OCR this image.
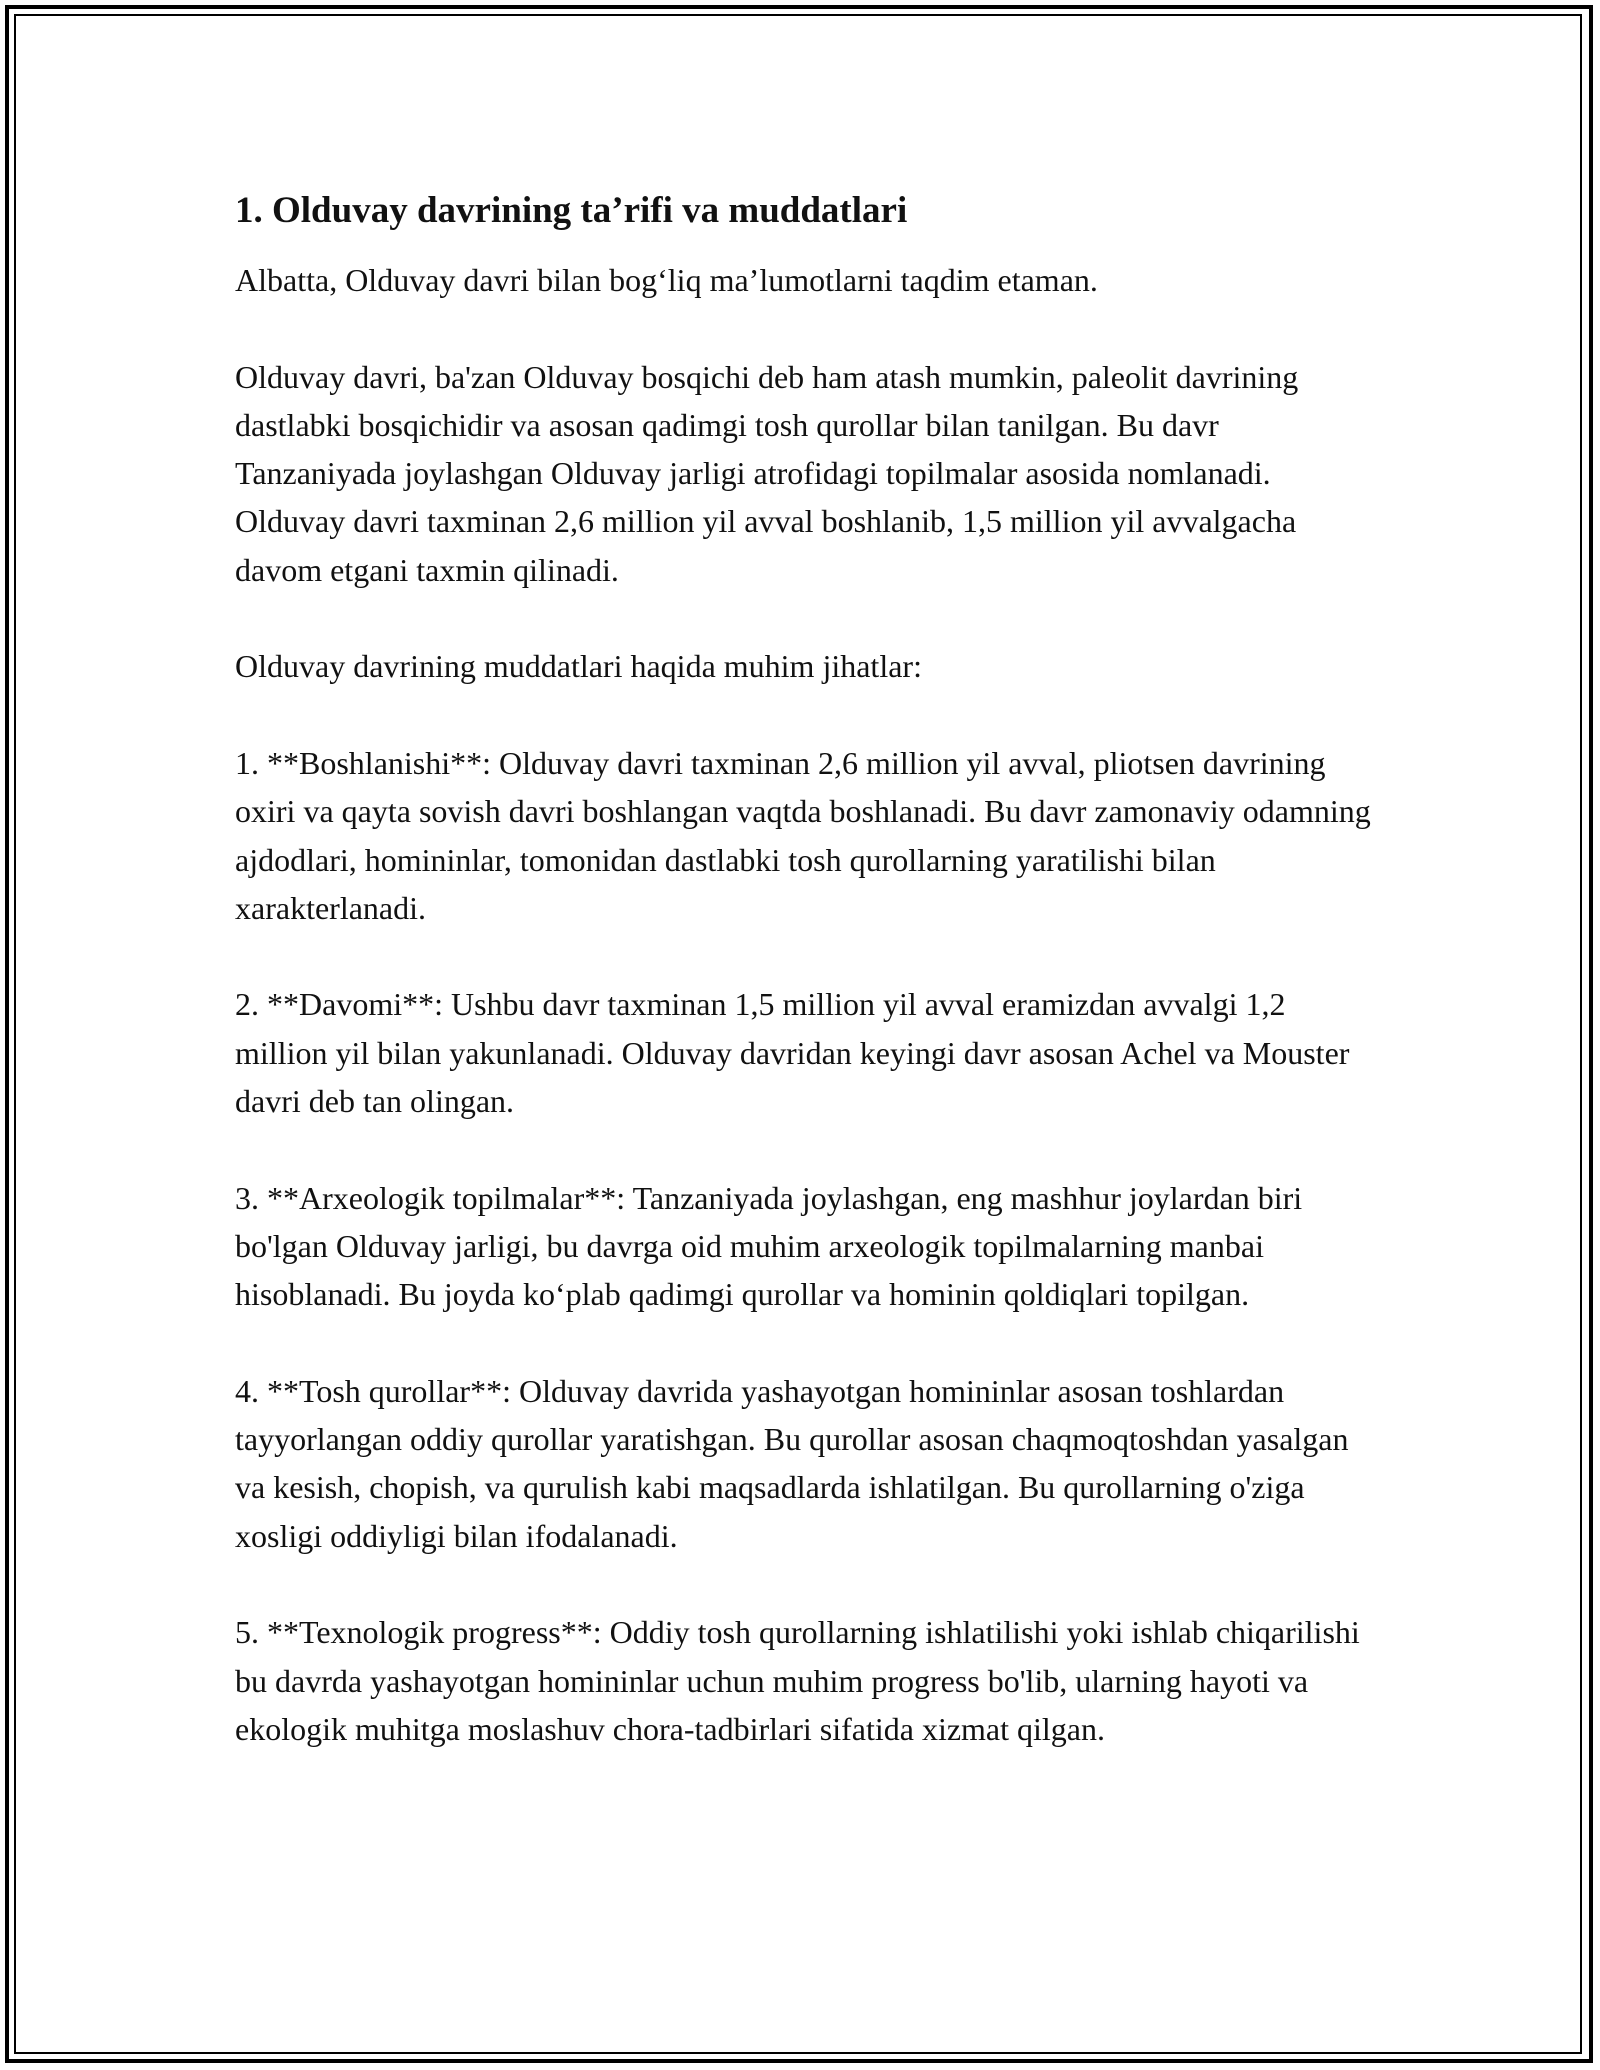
1. Olduvay davrining ta’rifi va muddatlari

Albatta, Olduvay davri bilan bog‘liq ma’lumotlarni taqdim etaman.

Olduvay davri, ba'zan Olduvay bosqichi deb ham atash mumkin, paleolit davrining dastlabki bosqichidir va asosan qadimgi tosh qurollar bilan tanilgan. Bu davr Tanzaniyada joylashgan Olduvay jarligi atrofidagi topilmalar asosida nomlanadi. Olduvay davri taxminan 2,6 million yil avval boshlanib, 1,5 million yil avvalgacha davom etgani taxmin qilinadi.

Olduvay davrining muddatlari haqida muhim jihatlar:

1. **Boshlanishi**: Olduvay davri taxminan 2,6 million yil avval, pliotsen davrining oxiri va qayta sovish davri boshlangan vaqtda boshlanadi. Bu davr zamonaviy odamning ajdodlari, homininlar, tomonidan dastlabki tosh qurollarning yaratilishi bilan xarakterlanadi.

2. **Davomi**: Ushbu davr taxminan 1,5 million yil avval eramizdan avvalgi 1,2 million yil bilan yakunlanadi. Olduvay davridan keyingi davr asosan Achel va Mouster davri deb tan olingan.

3. **Arxeologik topilmalar**: Tanzaniyada joylashgan, eng mashhur joylardan biri bo'lgan Olduvay jarligi, bu davrga oid muhim arxeologik topilmalarning manbai hisoblanadi. Bu joyda ko‘plab qadimgi qurollar va hominin qoldiqlari topilgan.

4. **Tosh qurollar**: Olduvay davrida yashayotgan homininlar asosan toshlardan tayyorlangan oddiy qurollar yaratishgan. Bu qurollar asosan chaqmoqtoshdan yasalgan va kesish, chopish, va qurulish kabi maqsadlarda ishlatilgan. Bu qurollarning o'ziga xosligi oddiyligi bilan ifodalanadi.

5. **Texnologik progress**: Oddiy tosh qurollarning ishlatilishi yoki ishlab chiqarilishi bu davrda yashayotgan homininlar uchun muhim progress bo'lib, ularning hayoti va ekologik muhitga moslashuv chora-tadbirlari sifatida xizmat qilgan.
